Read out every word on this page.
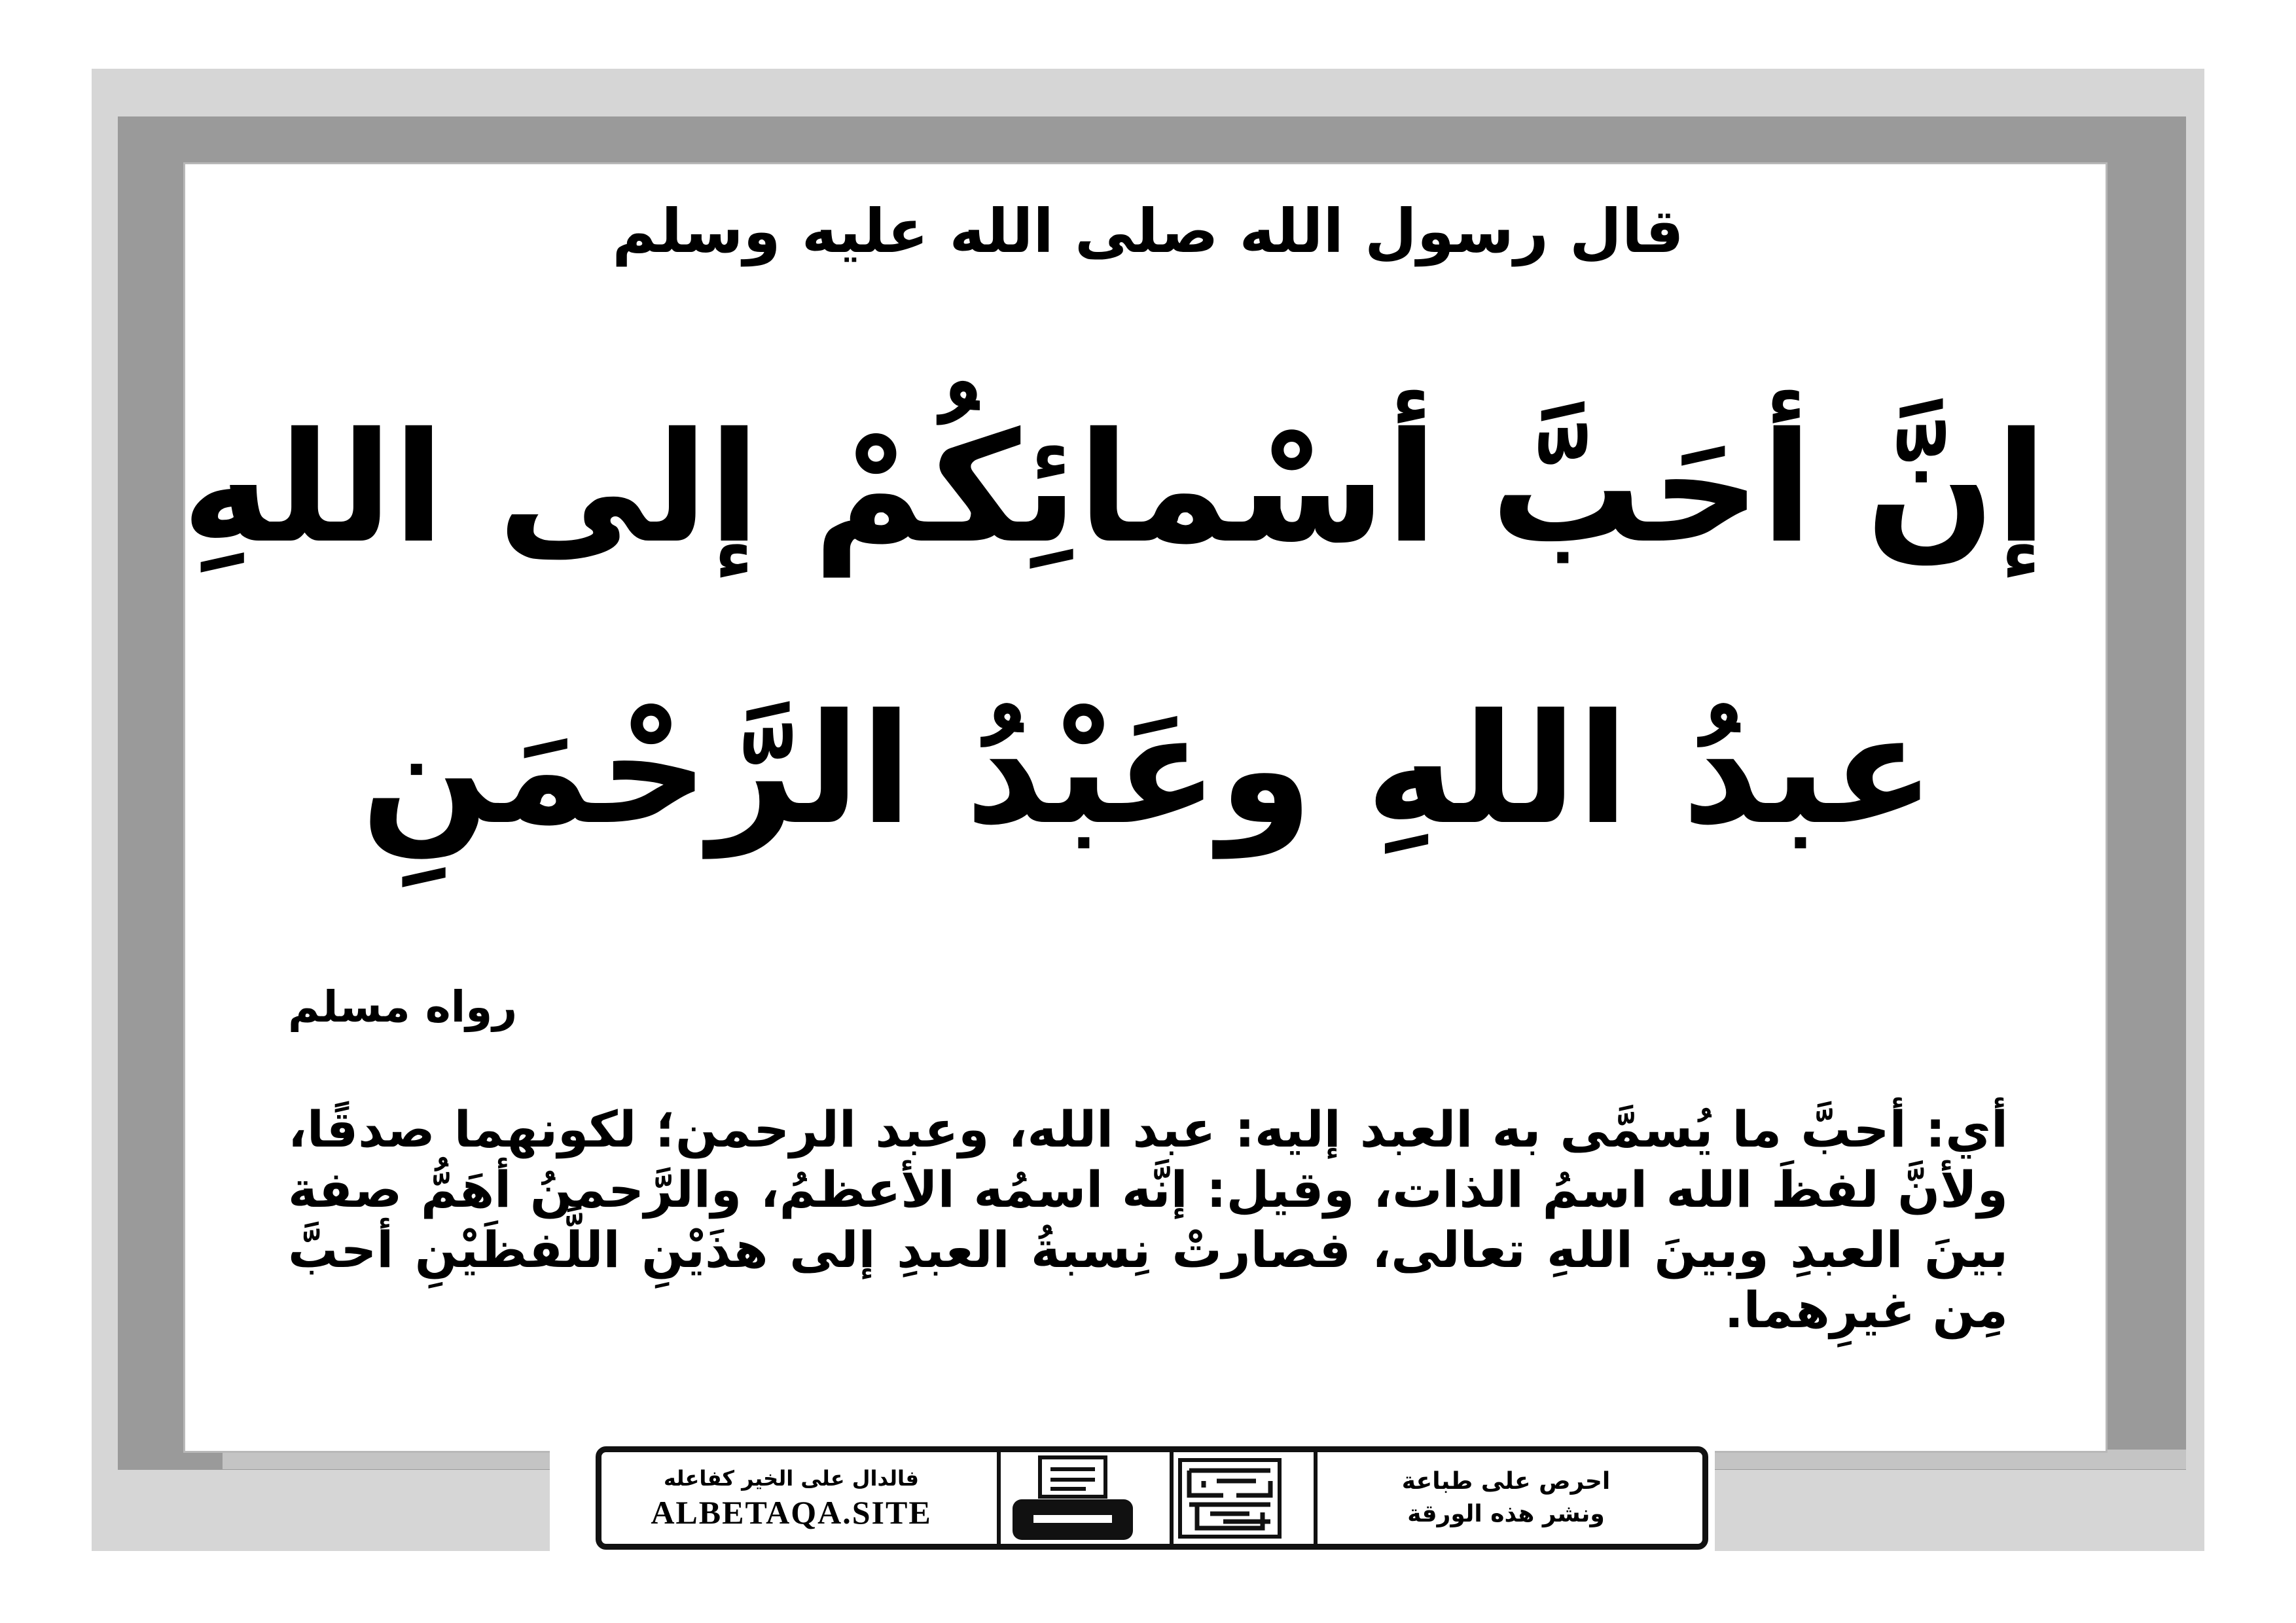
قال رسول الله صلى الله عليه وسلم
إنَّ أحَبَّ أسْمائِكُمْ إلى اللهِ
عبدُ اللهِ وعَبْدُ الرَّحْمَنِ
رواه مسلم
أي: أحبَّ ما يُسمَّى به العبد إليه: عبد الله، وعبد الرحمن؛ لكونهما صدقًا، ولأنَّ لفظَ الله اسمُ الذات، وقيل: إنَّه اسمُه الأعظمُ، والرَّحمنُ أهَمُّ صفة بينَ العبدِ وبينَ اللهِ تعالى، فصارتْ نِسبةُ العبدِ إلى هذَيْنِ اللَّفظَيْنِ أحبَّ مِن غيرِهما.
احرص على طباعة
ونشر هذه الورقة
فالدال على الخير كفاعله
ALBETAQA.SITE
